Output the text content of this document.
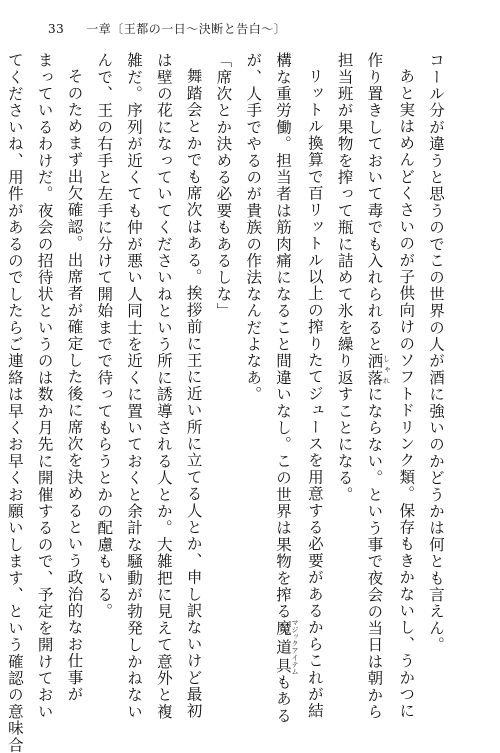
33 一章〔王都の一日〜決断と告白〜〕
コール分が違うと思うのでこの世界の人が酒に強いのかどうかは何とも言えん。
あと実はめんどくさいのが子供向けのソフトドリンク類。保存もきかないし、うかつに
作り置きしておいて毒でも入れられると洒落 しゃれにならない。という事で夜会の当日は朝から
担当班が果物を搾って瓶に詰めて氷を繰り返すことになる。
リットル換算で百リットル以上の搾りたてジュースを用意する必要があるからこれが結
構な重労働。担当者は筋肉痛になること間違いなし。この世界は果物を搾る魔道具 マジックアイテムもある
が、人手でやるのが貴族の作法なんだよなあ。
「席次とか決める必要もあるしな」
舞踏会とかでも席次はある。挨拶前に王に近い所に立てる人とか、申し訳ないけど最初
は壁の花になっていてくださいねという所に誘導される人とか。大雑把に見えて意外と複
雑だ。序列が近くても仲が悪い人同士を近くに置いておくと余計な騒動が勃発しかねない
んで、王の右手と左手に分けて開始までで待ってもらうとかの配慮もいる。
そのためまず出欠確認。出席者が確定した後に席次を決めるという政治的なお仕事が
まっているわけだ。夜会の招待状というのは数か月先に開催するので、予定を開けておい
てくださいね、用件があるのでしたらご連絡は早くお早くお願いします、という確認の意味合
